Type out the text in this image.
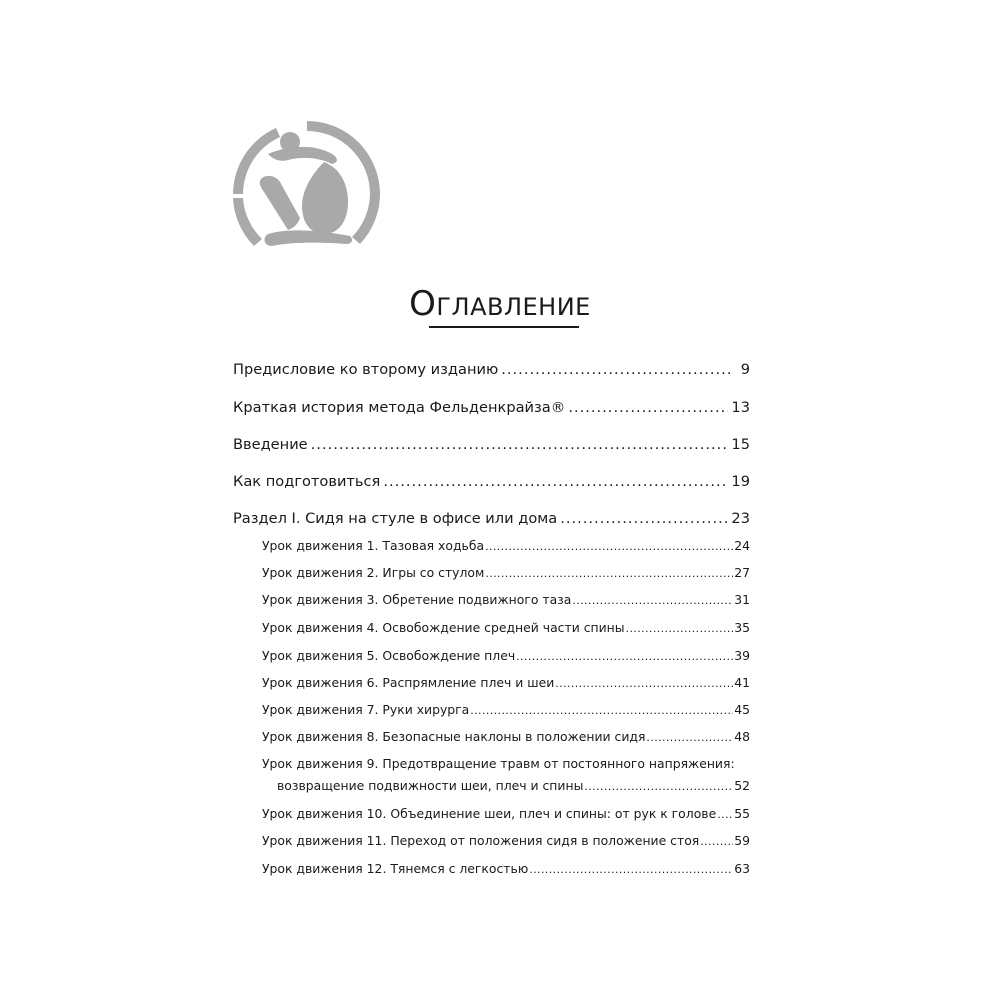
Оглавление
Предисловие ко второму изданию .....	9
Краткая история метода Фельденкрайза® .....	13
Введение .....	15
Как подготовиться .....	19
Раздел I. Сидя на стуле в офисе или дома .....	23
Урок движения 1. Тазовая ходьба .....	24
Урок движения 2. Игры со стулом .....	27
Урок движения 3. Обретение подвижного таза .....	31
Урок движения 4. Освобождение средней части спины .....	35
Урок движения 5. Освобождение плеч .....	39
Урок движения 6. Распрямление плеч и шеи .....	41
Урок движения 7. Руки хирурга .....	45
Урок движения 8. Безопасные наклоны в положении сидя .....	48
Урок движения 9. Предотвращение травм от постоянного напряжения:
возвращение подвижности шеи, плеч и спины .....	52
Урок движения 10. Объединение шеи, плеч и спины: от рук к голове ..... 55
Урок движения 11. Переход от положения сидя в положение стоя .....	59
Урок движения 12. Тянемся с легкостью .....	63
